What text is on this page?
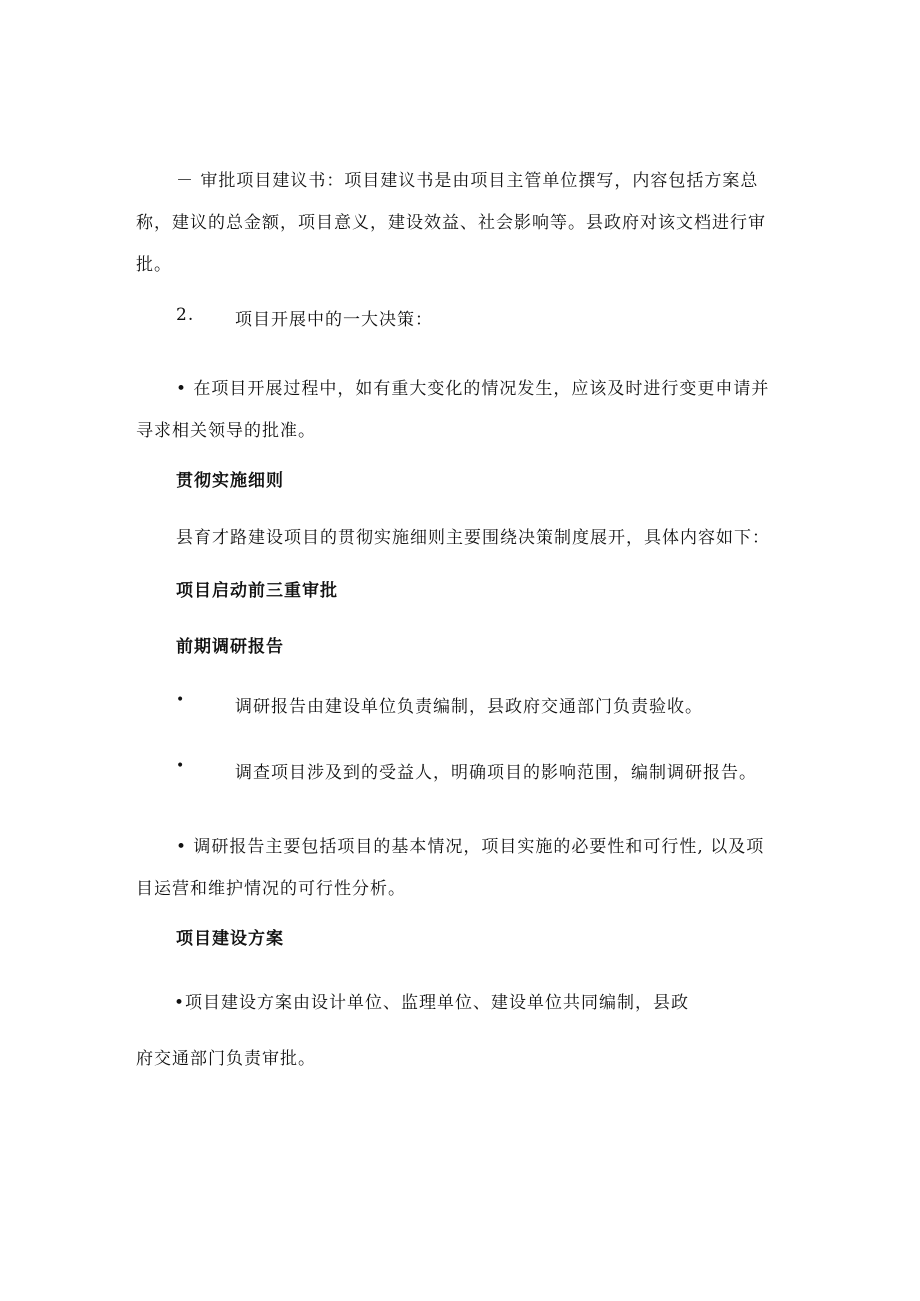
－ 审批项目建议书：项目建议书是由项目主管单位撰写，内容包括方案总
称，建议的总金额，项目意义，建设效益、社会影响等。县政府对该文档进行审
批。
2. 项目开展中的一大决策：
• 在项目开展过程中，如有重大变化的情况发生，应该及时进行变更申请并
寻求相关领导的批准。
贯彻实施细则
县育才路建设项目的贯彻实施细则主要围绕决策制度展开，具体内容如下：
项目启动前三重审批
前期调研报告
•	调研报告由建设单位负责编制，县政府交通部门负责验收。
•	调查项目涉及到的受益人，明确项目的影响范围，编制调研报告。
• 调研报告主要包括项目的基本情况，项目实施的必要性和可行性, 以及项
目运营和维护情况的可行性分析。
项目建设方案
•项目建设方案由设计单位、监理单位、建设单位共同编制，县政
府交通部门负责审批。
